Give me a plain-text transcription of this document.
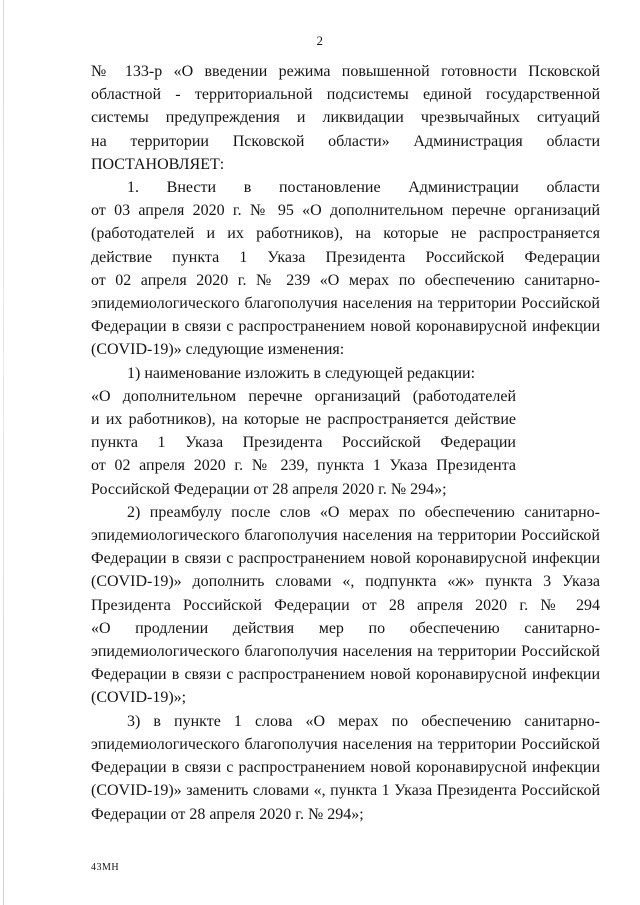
2

№ 133-р «О введении режима повышенной готовности Псковской
областной - территориальной подсистемы единой государственной
системы предупреждения и ликвидации чрезвычайных ситуаций
на территории Псковской области» Администрация области
ПОСТАНОВЛЯЕТ:

1. Внести в постановление Администрации области
от 03 апреля 2020 г. № 95 «О дополнительном перечне организаций
(работодателей и их работников), на которые не распространяется
действие пункта 1 Указа Президента Российской Федерации
от 02 апреля 2020 г. № 239 «О мерах по обеспечению санитарно-
эпидемиологического благополучия населения на территории Российской
Федерации в связи с распространением новой коронавирусной инфекции
(COVID-19)» следующие изменения:

1) наименование изложить в следующей редакции:

«О дополнительном перечне организаций (работодателей
и их работников), на которые не распространяется действие
пункта 1 Указа Президента Российской Федерации
от 02 апреля 2020 г. № 239, пункта 1 Указа Президента
Российской Федерации от 28 апреля 2020 г. № 294»;

2) преамбулу после слов «О мерах по обеспечению санитарно-
эпидемиологического благополучия населения на территории Российской
Федерации в связи с распространением новой коронавирусной инфекции
(COVID-19)» дополнить словами «, подпункта «ж» пункта 3 Указа
Президента Российской Федерации от 28 апреля 2020 г. № 294
«О продлении действия мер по обеспечению санитарно-
эпидемиологического благополучия населения на территории Российской
Федерации в связи с распространением новой коронавирусной инфекции
(COVID-19)»;

3) в пункте 1 слова «О мерах по обеспечению санитарно-
эпидемиологического благополучия населения на территории Российской
Федерации в связи с распространением новой коронавирусной инфекции
(COVID-19)» заменить словами «, пункта 1 Указа Президента Российской
Федерации от 28 апреля 2020 г. № 294»;

43МН
